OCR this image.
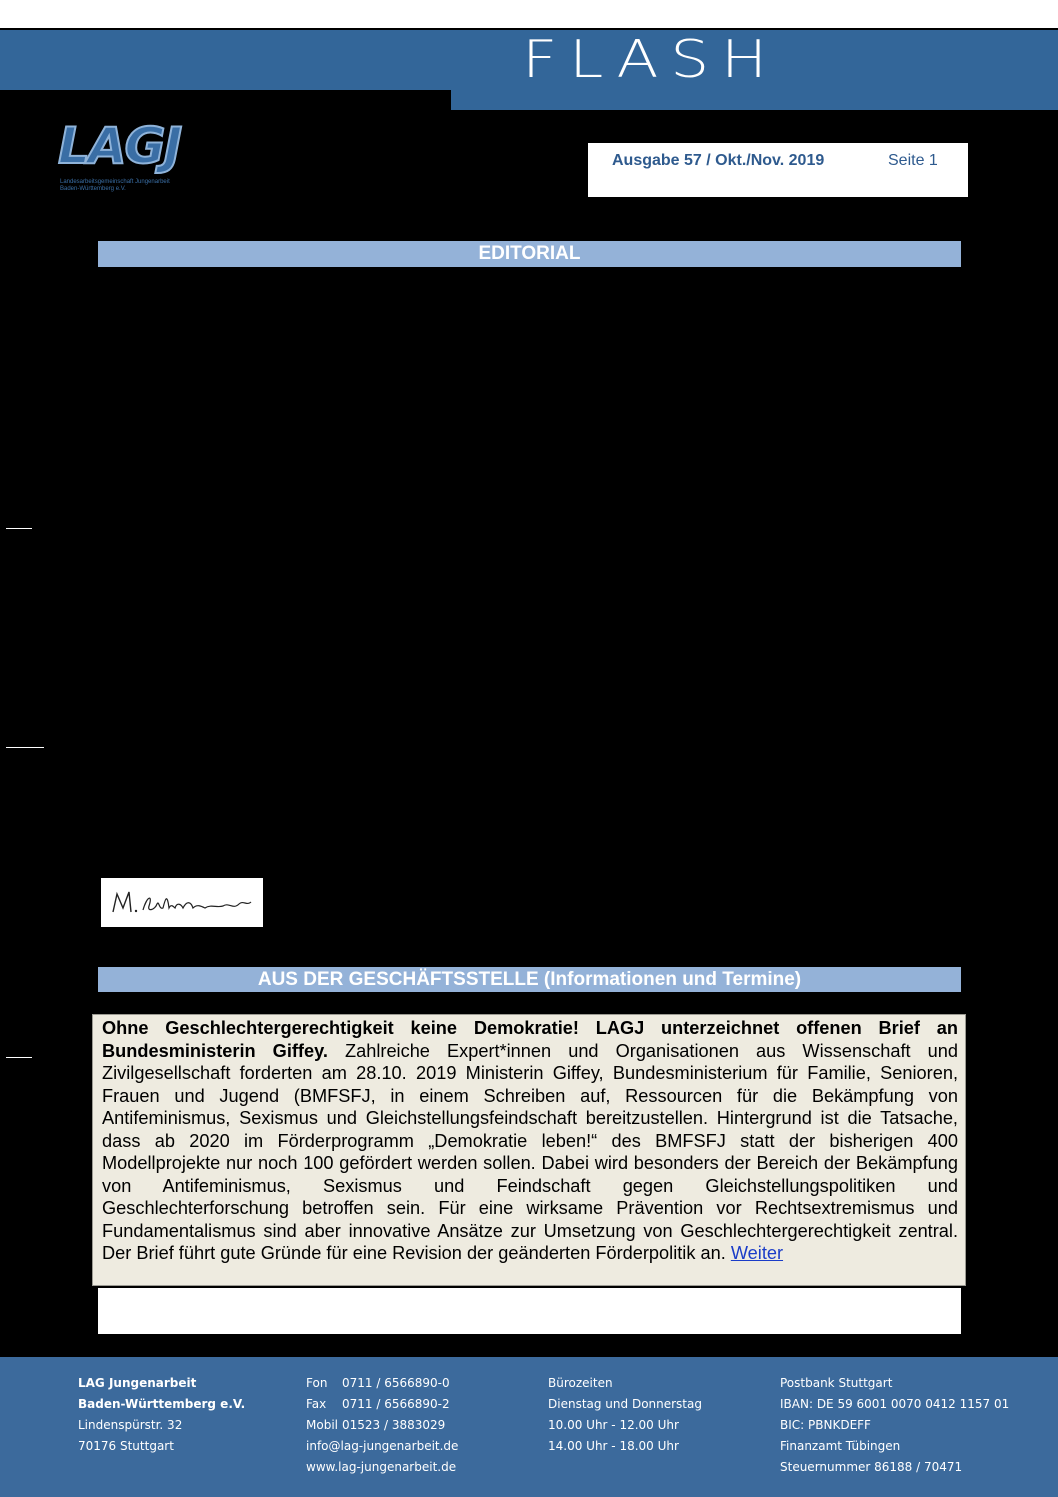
FLASH
LAGJ
Landesarbeitsgemeinschaft Jungenarbeit
Baden-Württemberg e.V.
Ausgabe 57 / Okt./Nov. 2019	Seite 1
EDITORIAL
AUS DER GESCHÄFTSSTELLE (Informationen und Termine)
Ohne Geschlechtergerechtigkeit keine Demokratie! LAGJ unterzeichnet offenen Brief an Bundesministerin Giffey. Zahlreiche Expert*innen und Organisationen aus Wissenschaft und Zivilgesellschaft forderten am 28.10. 2019 Ministerin Giffey, Bundesministerium für Familie, Senioren, Frauen und Jugend (BMFSFJ, in einem Schreiben auf, Ressourcen für die Bekämpfung von Antifeminismus, Sexismus und Gleichstellungsfeindschaft bereitzustellen. Hintergrund ist die Tatsache, dass ab 2020 im Förderprogramm „Demokratie leben!“ des BMFSFJ statt der bisherigen 400 Modellprojekte nur noch 100 gefördert werden sollen. Dabei wird besonders der Bereich der Bekämpfung von Antifeminismus, Sexismus und Feindschaft gegen Gleichstellungspolitiken und Geschlechterforschung betroffen sein. Für eine wirksame Prävention vor Rechtsextremismus und Fundamentalismus sind aber innovative Ansätze zur Umsetzung von Geschlechtergerechtigkeit zentral. Der Brief führt gute Gründe für eine Revision der geänderten Förderpolitik an. Weiter
LAG Jungenarbeit
Baden-Württemberg e.V.
Lindenspürstr. 32
70176 Stuttgart
Fon 0711 / 6566890-0
Fax 0711 / 6566890-2
Mobil 01523 / 3883029
info@lag-jungenarbeit.de
www.lag-jungenarbeit.de
Bürozeiten
Dienstag und Donnerstag
10.00 Uhr - 12.00 Uhr
14.00 Uhr - 18.00 Uhr
Postbank Stuttgart
IBAN: DE 59 6001 0070 0412 1157 01
BIC: PBNKDEFF
Finanzamt Tübingen
Steuernummer 86188 / 70471
